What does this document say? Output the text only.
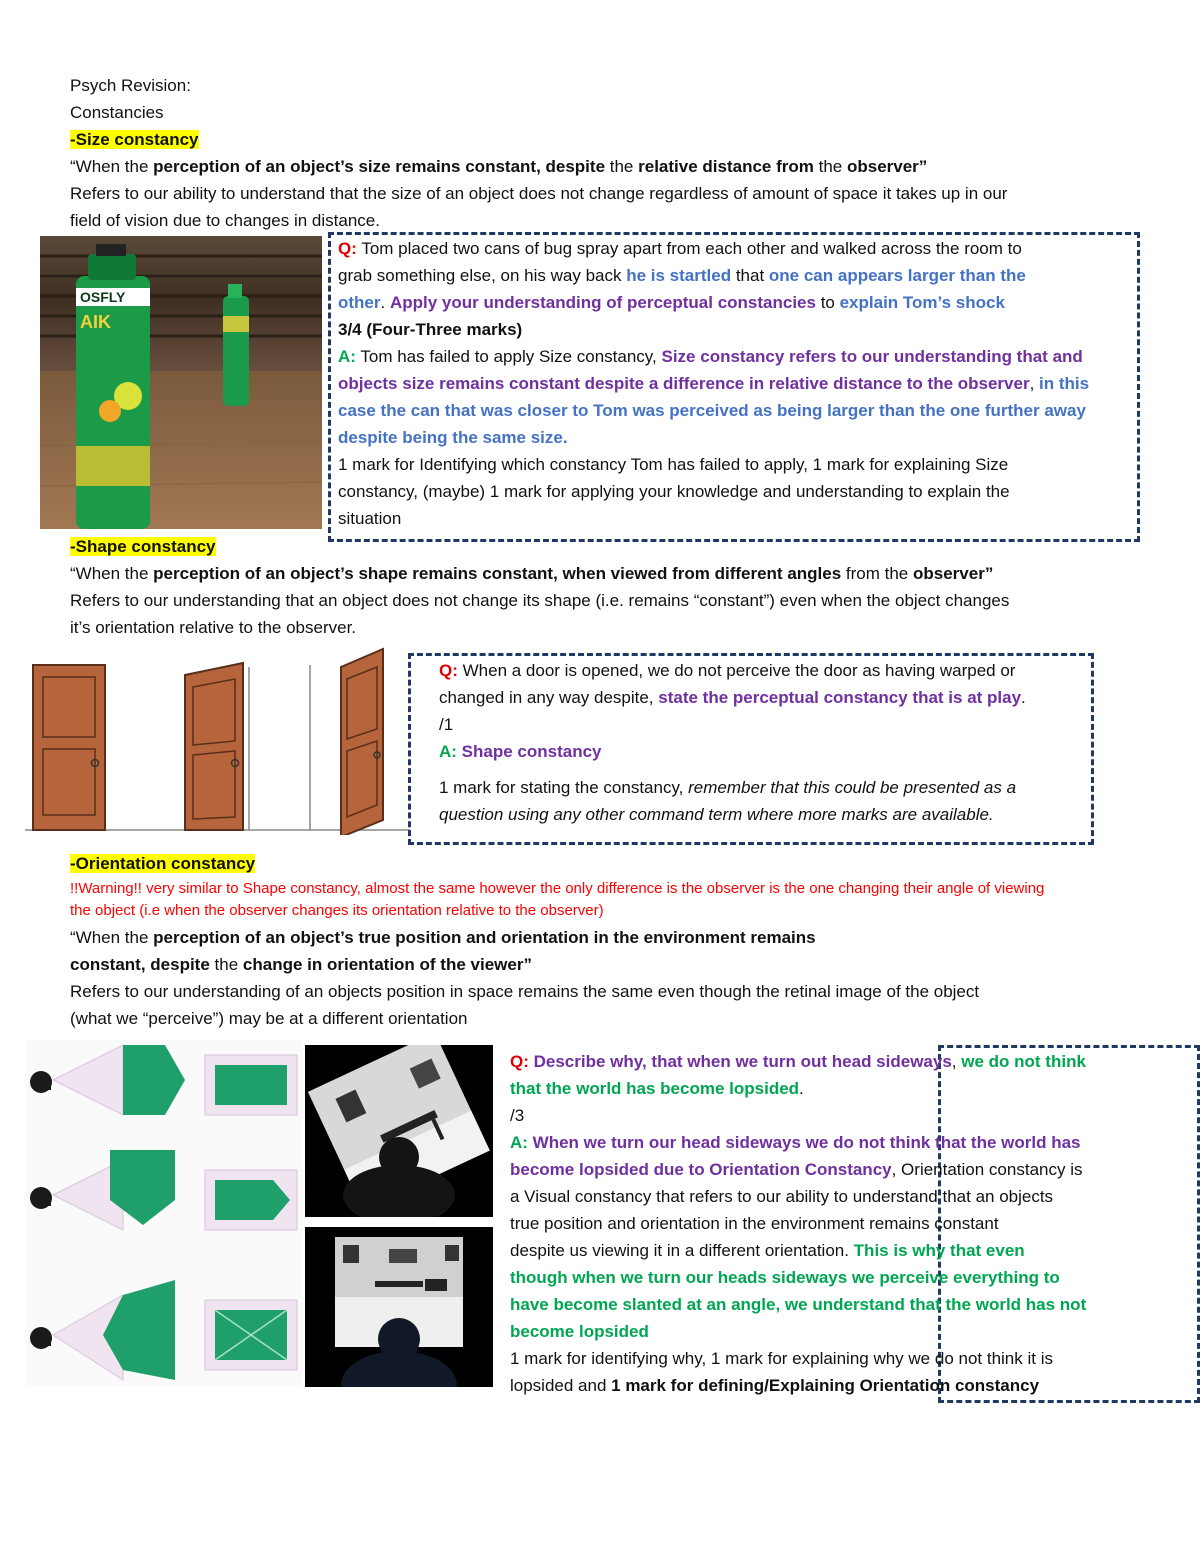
Psych Revision:
Constancies
-Size constancy
“When the perception of an object’s size remains constant, despite the relative distance from the observer”
Refers to our ability to understand that the size of an object does not change regardless of amount of space it takes up in our
field of vision due to changes in distance.
OSFLY
AIK
Q: Tom placed two cans of bug spray apart from each other and walked across the room to
grab something else, on his way back he is startled that one can appears larger than the
other. Apply your understanding of perceptual constancies to explain Tom’s shock
3/4 (Four-Three marks)
A: Tom has failed to apply Size constancy, Size constancy refers to our understanding that and
objects size remains constant despite a difference in relative distance to the observer, in this
case the can that was closer to Tom was perceived as being larger than the one further away
despite being the same size.
1 mark for Identifying which constancy Tom has failed to apply, 1 mark for explaining Size
constancy, (maybe) 1 mark for applying your knowledge and understanding to explain the
situation
-Shape constancy
“When the perception of an object’s shape remains constant, when viewed from different angles from the observer”
Refers to our understanding that an object does not change its shape (i.e. remains “constant”) even when the object changes
it’s orientation relative to the observer.
Q: When a door is opened, we do not perceive the door as having warped or
changed in any way despite, state the perceptual constancy that is at play.
/1
A: Shape constancy
1 mark for stating the constancy, remember that this could be presented as a
question using any other command term where more marks are available.
-Orientation constancy
!!Warning!! very similar to Shape constancy, almost the same however the only difference is the observer is the one changing their angle of viewing
the object (i.e when the observer changes its orientation relative to the observer)
“When the perception of an object’s true position and orientation in the environment remains
constant, despite the change in orientation of the viewer”
Refers to our understanding of an objects position in space remains the same even though the retinal image of the object
(what we “perceive”) may be at a different orientation
Q: Describe why, that when we turn out head sideways, we do not think
that the world has become lopsided.
/3
A: When we turn our head sideways we do not think that the world has
become lopsided due to Orientation Constancy, Orientation constancy is
a Visual constancy that refers to our ability to understand that an objects
true position and orientation in the environment remains constant
despite us viewing it in a different orientation. This is why that even
though when we turn our heads sideways we perceive everything to
have become slanted at an angle, we understand that the world has not
become lopsided
1 mark for identifying why, 1 mark for explaining why we do not think it is
lopsided and 1 mark for defining/Explaining Orientation constancy
